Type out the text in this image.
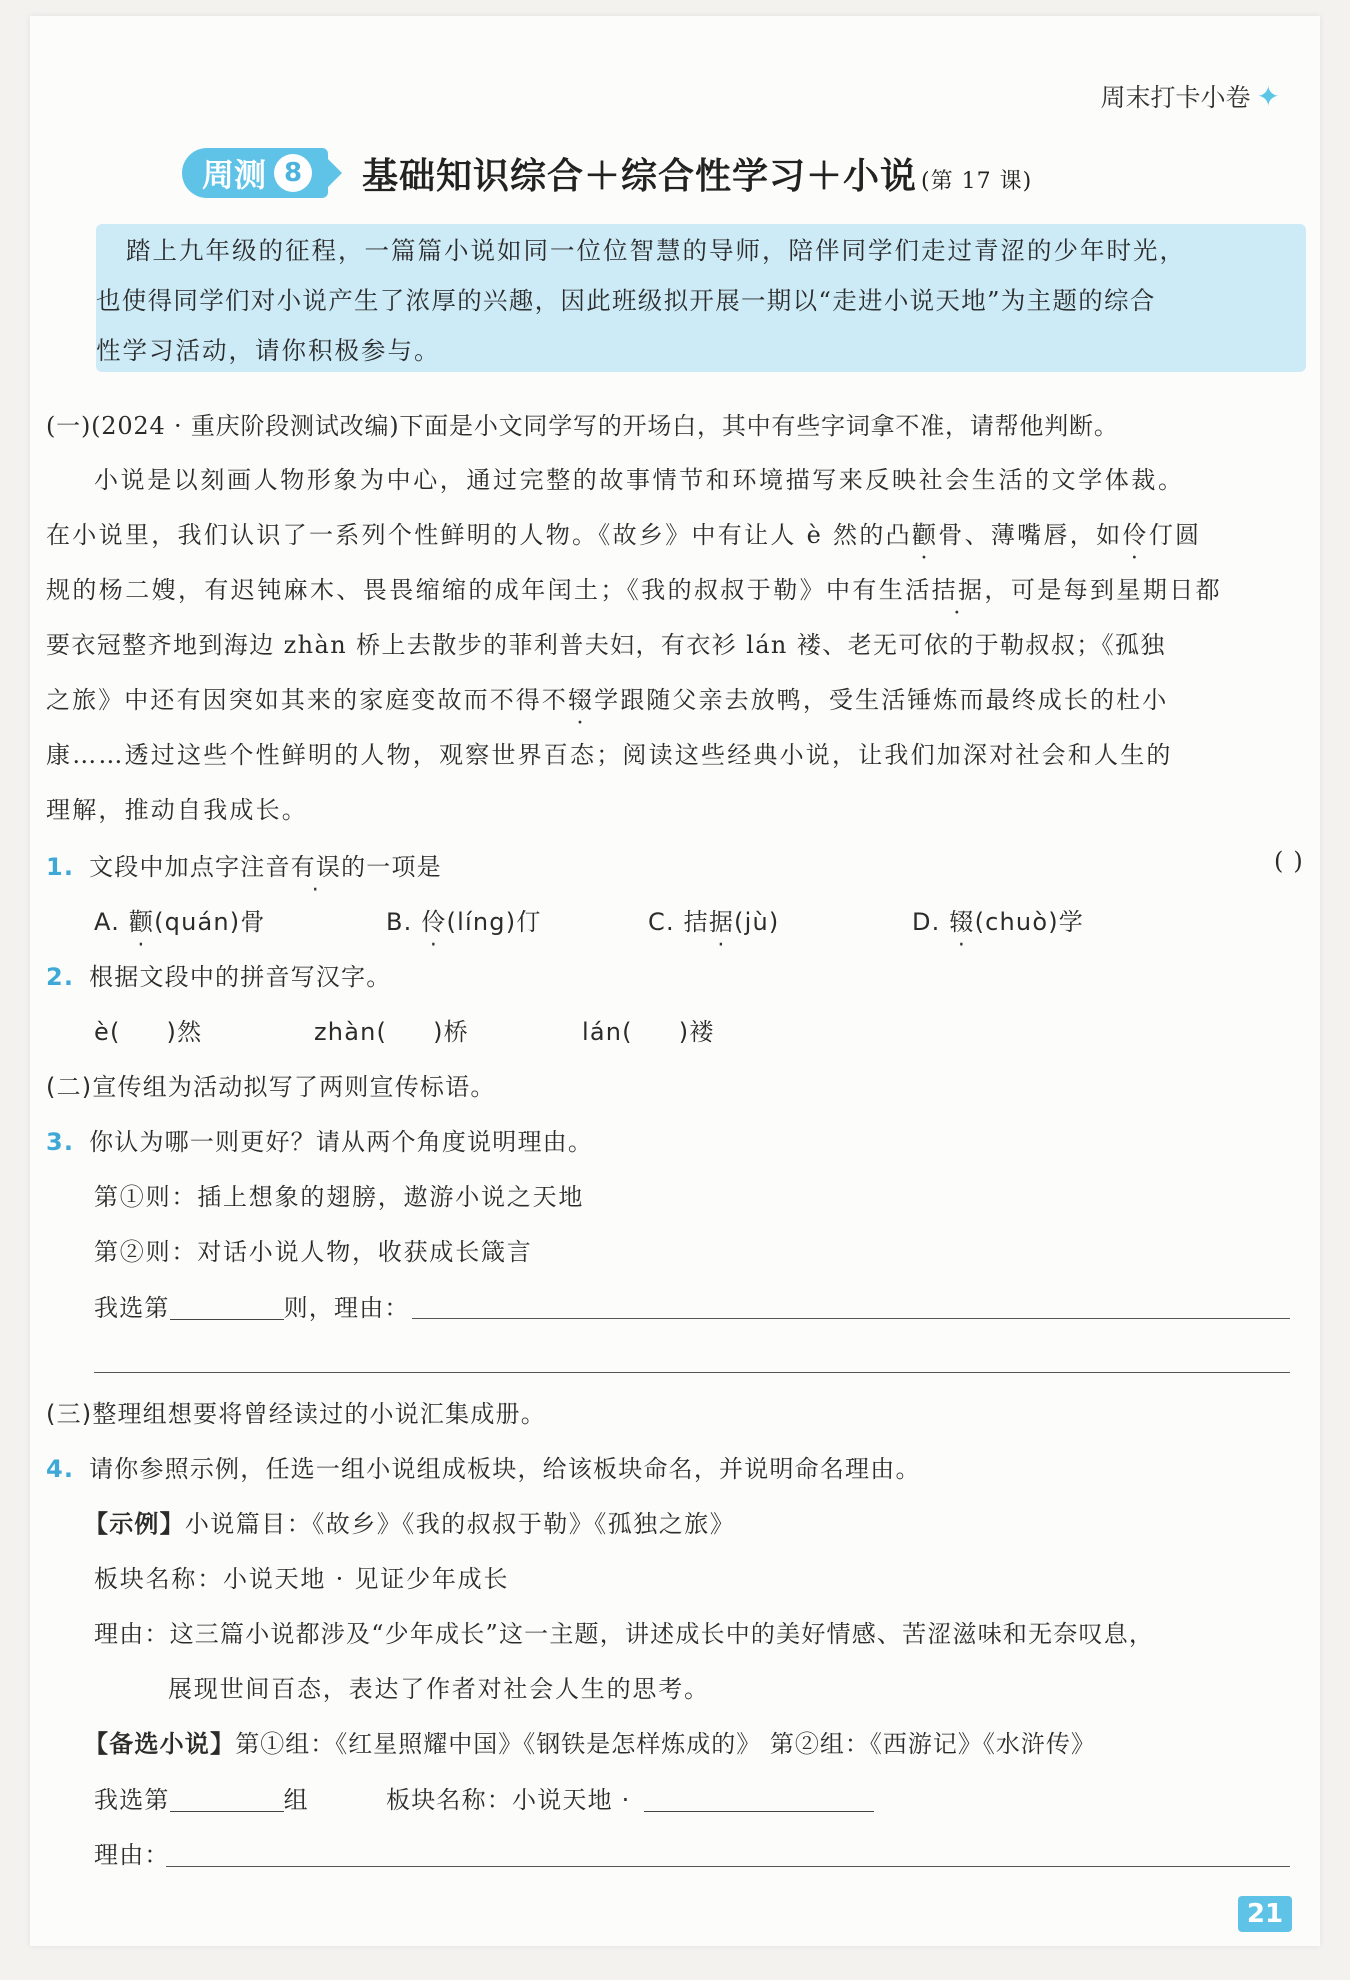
周末打卡小卷 ✦
周测 8 基础知识综合＋综合性学习＋小说 (第 17 课)
踏上九年级的征程，一篇篇小说如同一位位智慧的导师，陪伴同学们走过青涩的少年时光，
也使得同学们对小说产生了浓厚的兴趣，因此班级拟开展一期以“走进小说天地”为主题的综合
性学习活动，请你积极参与。
(一)(2024 · 重庆阶段测试改编)下面是小文同学写的开场白，其中有些字词拿不准，请帮他判断。
小说是以刻画人物形象为中心，通过完整的故事情节和环境描写来反映社会生活的文学体裁。
在小说里，我们认识了一系列个性鲜明的人物。《故乡》中有让人 è 然的凸颧骨、薄嘴唇，如伶仃圆
规的杨二嫂，有迟钝麻木、畏畏缩缩的成年闰土；《我的叔叔于勒》中有生活拮据，可是每到星期日都
要衣冠整齐地到海边 zhàn 桥上去散步的菲利普夫妇，有衣衫 lán 褛、老无可依的于勒叔叔；《孤独
之旅》中还有因突如其来的家庭变故而不得不辍学跟随父亲去放鸭，受生活锤炼而最终成长的杜小
康……透过这些个性鲜明的人物，观察世界百态；阅读这些经典小说，让我们加深对社会和人生的
理解，推动自我成长。
1. 文段中加点字注音有误的一项是	( )
A. 颧(quán)骨	B. 伶(líng)仃	C. 拮据(jù)	D. 辍(chuò)学
2. 根据文段中的拼音写汉字。
è( )然	zhàn( )桥	lán( )褛
(二)宣传组为活动拟写了两则宣传标语。
3. 你认为哪一则更好？请从两个角度说明理由。
第①则：插上想象的翅膀，遨游小说之天地
第②则：对话小说人物，收获成长箴言
我选第	则，理由：
(三)整理组想要将曾经读过的小说汇集成册。
4. 请你参照示例，任选一组小说组成板块，给该板块命名，并说明命名理由。
【示例】小说篇目：《故乡》《我的叔叔于勒》《孤独之旅》
板块名称：小说天地 · 见证少年成长
理由：这三篇小说都涉及“少年成长”这一主题，讲述成长中的美好情感、苦涩滋味和无奈叹息，
展现世间百态，表达了作者对社会人生的思考。
【备选小说】第①组：《红星照耀中国》《钢铁是怎样炼成的》 第②组：《西游记》《水浒传》
我选第	组	板块名称：小说天地 ·
理由：
21
